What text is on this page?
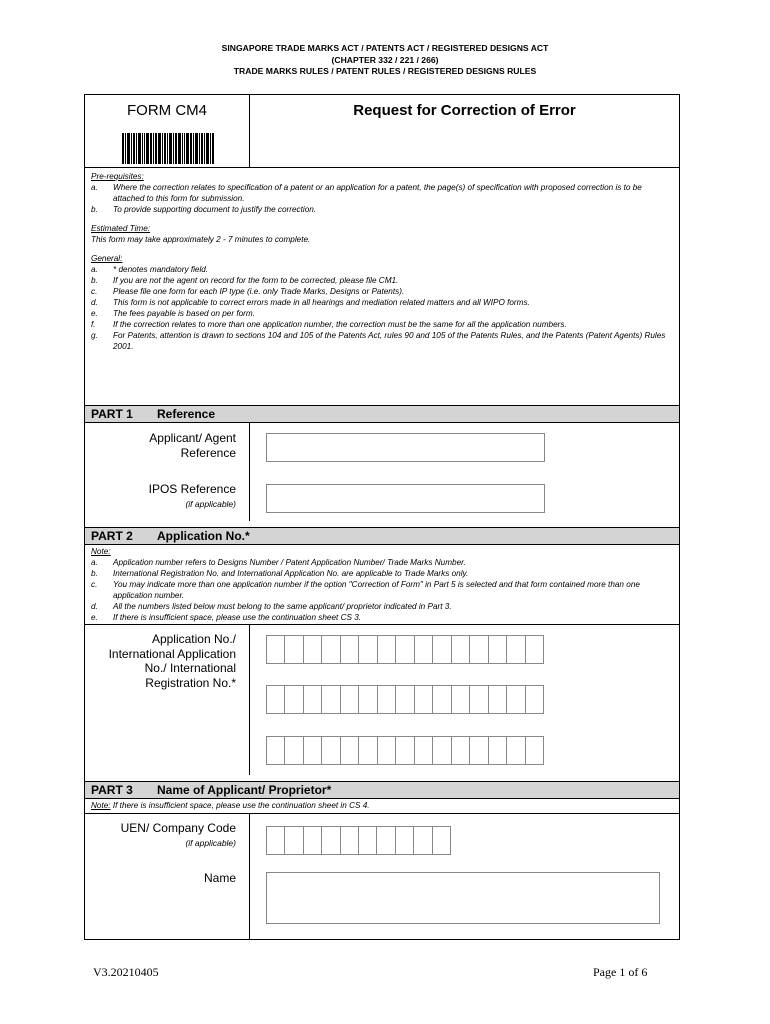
SINGAPORE TRADE MARKS ACT / PATENTS ACT / REGISTERED DESIGNS ACT
(CHAPTER 332 / 221 / 266)
TRADE MARKS RULES / PATENT RULES / REGISTERED DESIGNS RULES
FORM CM4	Request for Correction of Error
Pre-requisites:
a.	Where the correction relates to specification of a patent or an application for a patent, the page(s) of specification with proposed correction is to be attached to this form for submission.
b.	To provide supporting document to justify the correction.
Estimated Time:
This form may take approximately 2 - 7 minutes to complete.
General:
a.	* denotes mandatory field.
b.	If you are not the agent on record for the form to be corrected, please file CM1.
c.	Please file one form for each IP type (i.e. only Trade Marks, Designs or Patents).
d.	This form is not applicable to correct errors made in all hearings and mediation related matters and all WIPO forms.
e.	The fees payable is based on per form.
f.	If the correction relates to more than one application number, the correction must be the same for all the application numbers.
g.	For Patents, attention is drawn to sections 104 and 105 of the Patents Act, rules 90 and 105 of the Patents Rules, and the Patents (Patent Agents) Rules 2001.
PART 1 Reference
Applicant/ Agent
Reference
IPOS Reference
(if applicable)
PART 2 Application No.*
Note:
a.	Application number refers to Designs Number / Patent Application Number/ Trade Marks Number.
b.	International Registration No. and International Application No. are applicable to Trade Marks only.
c.	You may indicate more than one application number if the option "Correction of Form" in Part 5 is selected and that form contained more than one application number.
d.	All the numbers listed below must belong to the same applicant/ proprietor indicated in Part 3.
e.	If there is insufficient space, please use the continuation sheet CS 3.
Application No./
International Application
No./ International
Registration No.*
PART 3 Name of Applicant/ Proprietor*
Note: If there is insufficient space, please use the continuation sheet in CS 4.
UEN/ Company Code
(if applicable)
Name
V3.20210405	Page 1 of 6
